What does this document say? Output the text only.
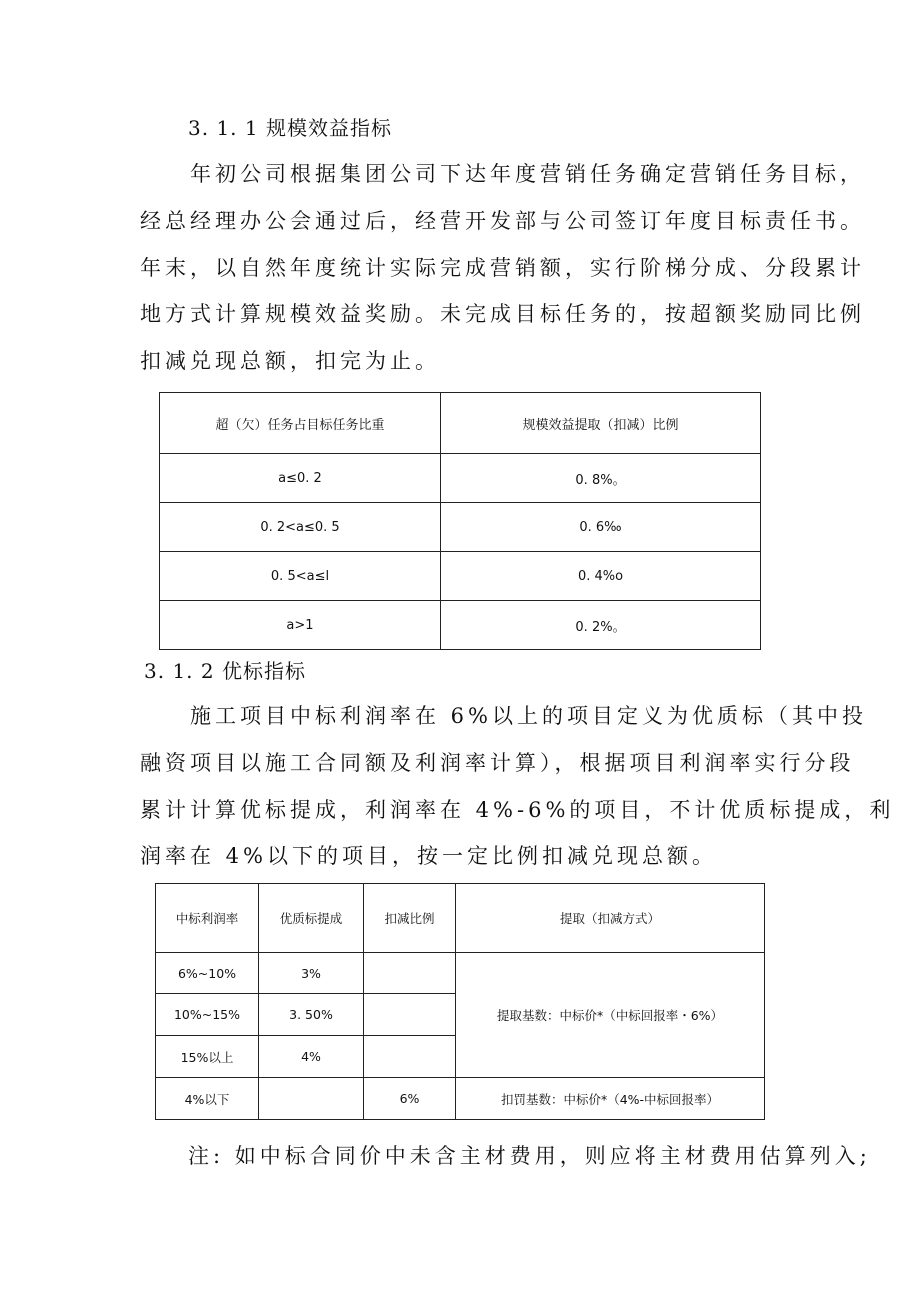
3. 1. 1 规模效益指标
年初公司根据集团公司下达年度营销任务确定营销任务目标，
经总经理办公会通过后，经营开发部与公司签订年度目标责任书。
年末，以自然年度统计实际完成营销额，实行阶梯分成、分段累计
地方式计算规模效益奖励。未完成目标任务的，按超额奖励同比例
扣减兑现总额，扣完为止。
超（欠）任务占目标任务比重	规模效益提取（扣减）比例
a≤0. 2	0. 8%。
0. 2<a≤0. 5	0. 6‰
0. 5<a≤l	0. 4%o
a>1	0. 2%。
3. 1. 2 优标指标
施工项目中标利润率在 6%以上的项目定义为优质标（其中投
融资项目以施工合同额及利润率计算），根据项目利润率实行分段
累计计算优标提成，利润率在 4%-6%的项目，不计优质标提成，利
润率在 4%以下的项目，按一定比例扣减兑现总额。
中标利润率	优质标提成	扣减比例	提取（扣减方式）
6%~10%	3%		提取基数：中标价*（中标回报率・6%）
10%~15%	3. 50%		
15%以上	4%		
4%以下		6%	扣罚基数：中标价*（4%-中标回报率）
注: 如中标合同价中未含主材费用，则应将主材费用估算列入;
